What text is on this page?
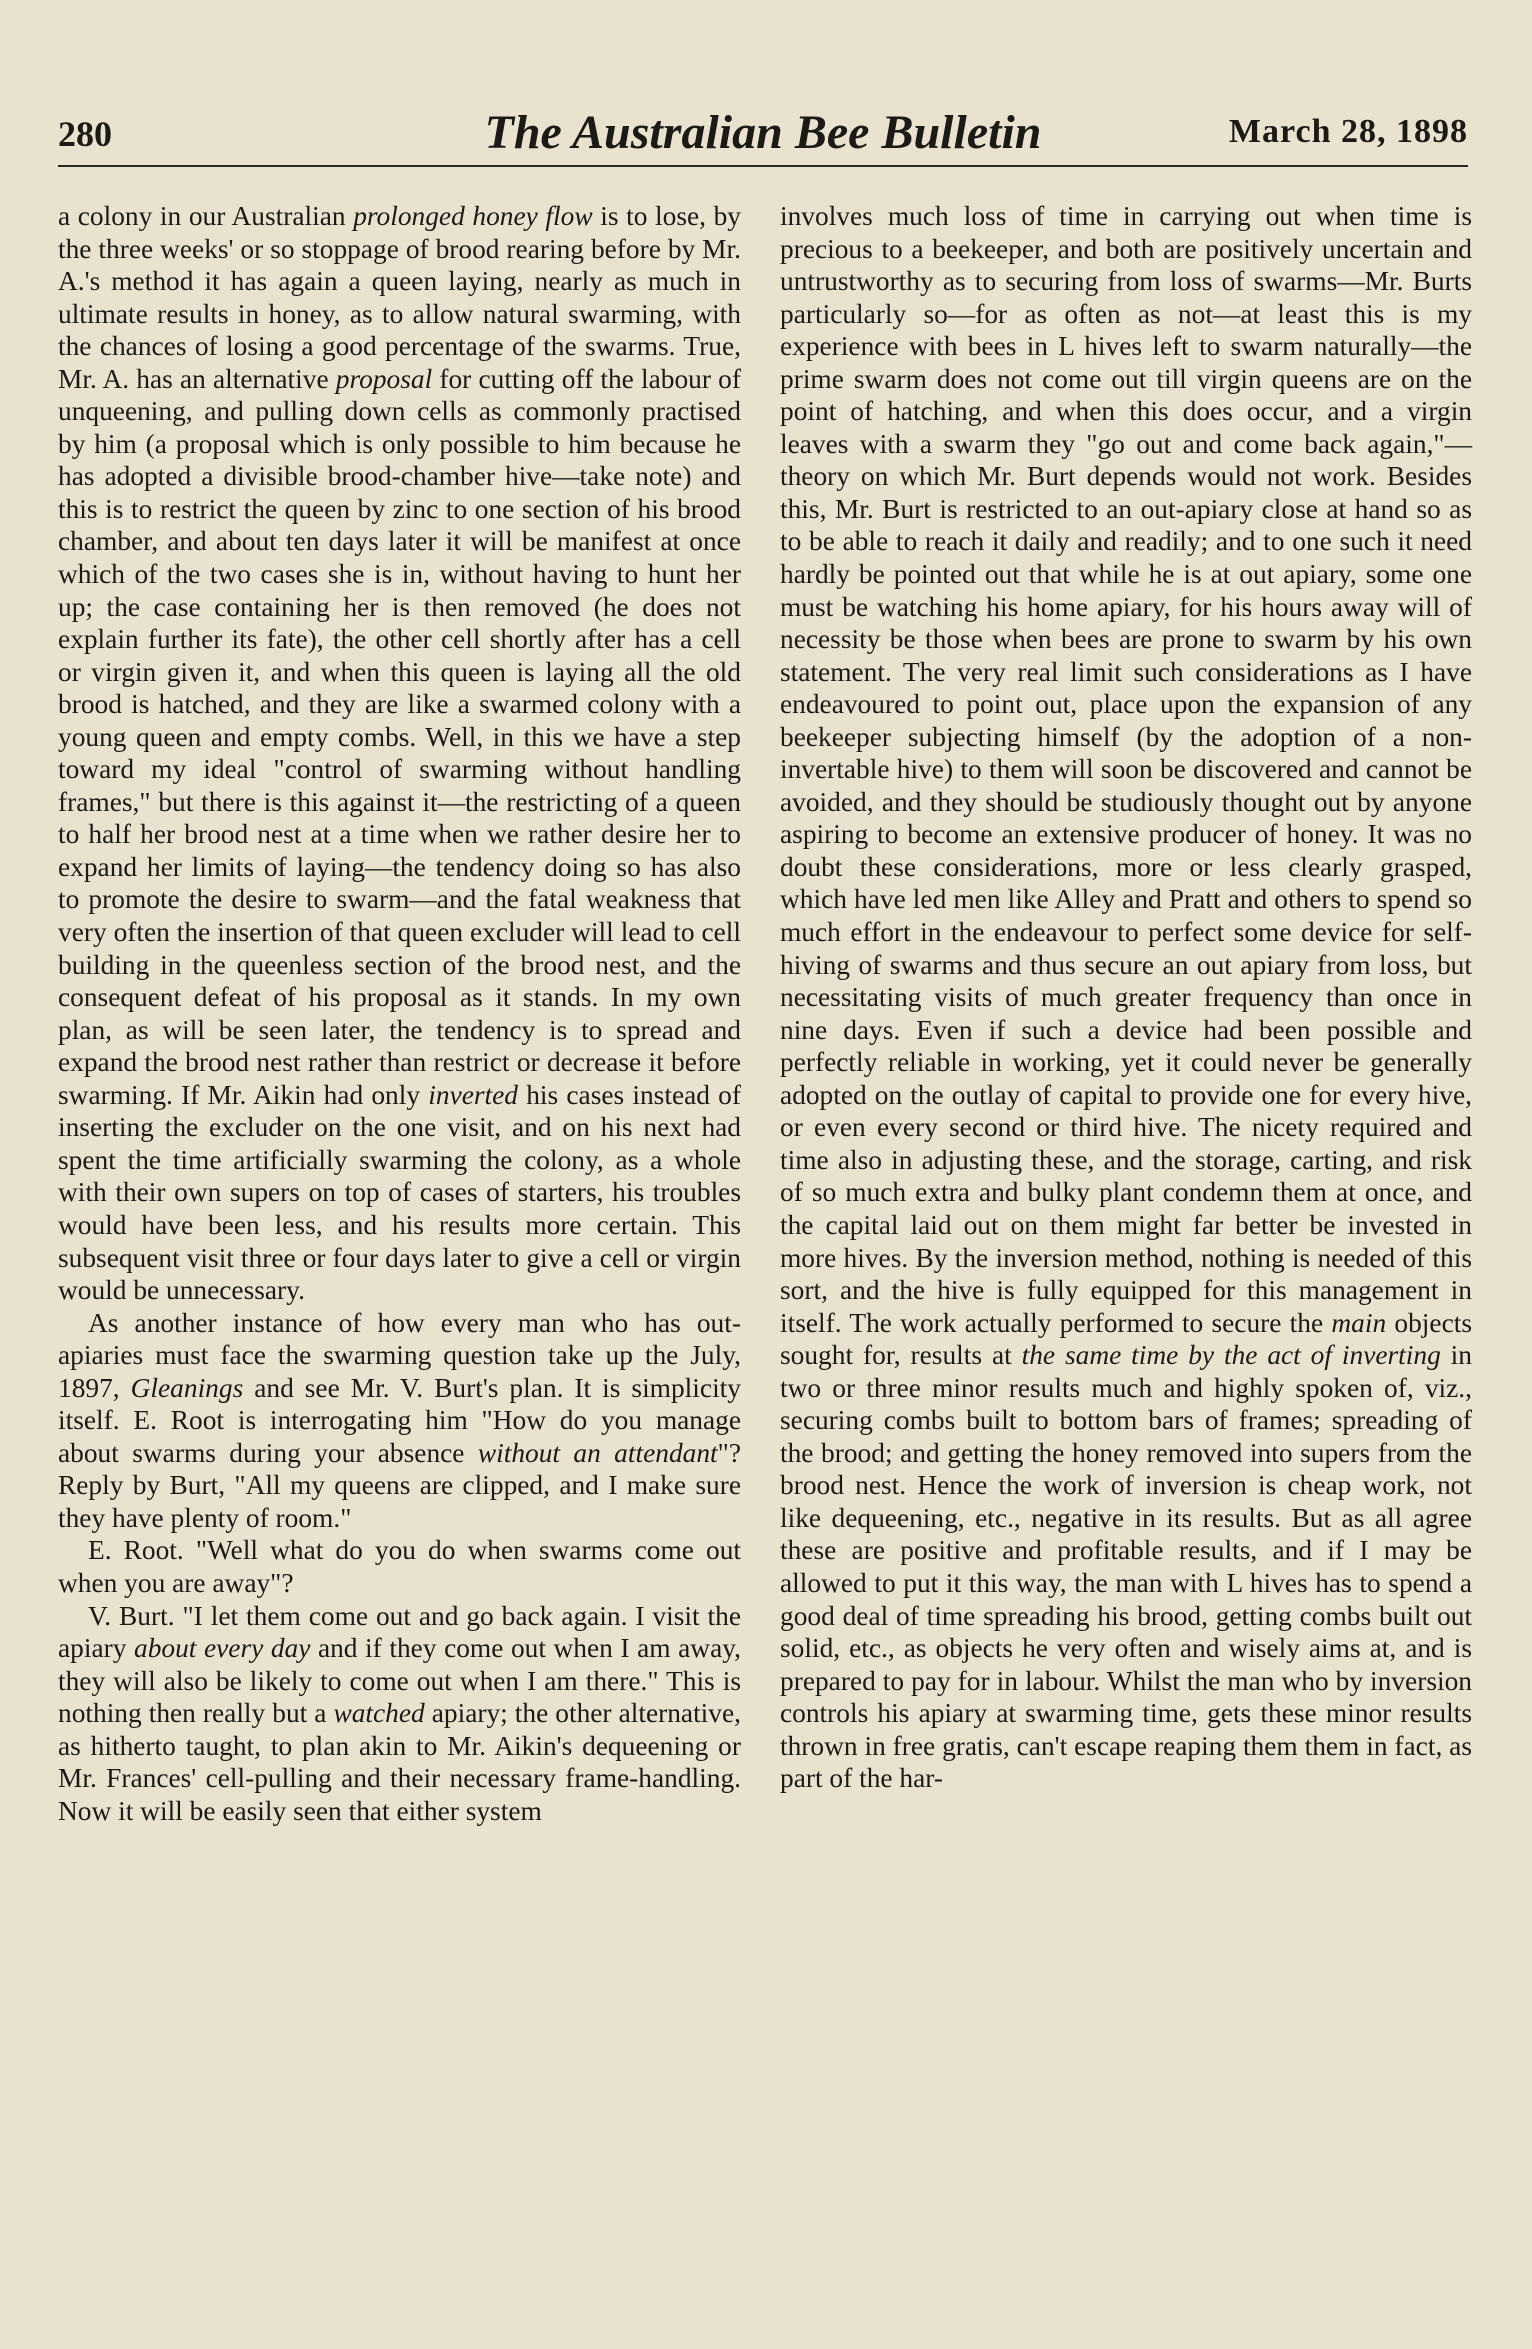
280	The Australian Bee Bulletin	March 28, 1898

a colony in our Australian prolonged honey flow is to lose, by the three weeks' or so stoppage of brood rearing before by Mr. A.'s method it has again a queen laying, nearly as much in ultimate results in honey, as to allow natural swarming, with the chances of losing a good percentage of the swarms. True, Mr. A. has an alternative proposal for cutting off the labour of unqueening, and pulling down cells as commonly practised by him (a proposal which is only possible to him because he has adopted a divisible brood-chamber hive—take note) and this is to restrict the queen by zinc to one section of his brood chamber, and about ten days later it will be manifest at once which of the two cases she is in, without having to hunt her up; the case containing her is then removed (he does not explain further its fate), the other cell shortly after has a cell or virgin given it, and when this queen is laying all the old brood is hatched, and they are like a swarmed colony with a young queen and empty combs. Well, in this we have a step toward my ideal "control of swarming without handling frames," but there is this against it—the restricting of a queen to half her brood nest at a time when we rather desire her to expand her limits of laying—the tendency doing so has also to promote the desire to swarm—and the fatal weakness that very often the insertion of that queen excluder will lead to cell building in the queenless section of the brood nest, and the consequent defeat of his proposal as it stands. In my own plan, as will be seen later, the tendency is to spread and expand the brood nest rather than restrict or decrease it before swarming. If Mr. Aikin had only inverted his cases instead of inserting the excluder on the one visit, and on his next had spent the time artificially swarming the colony, as a whole with their own supers on top of cases of starters, his troubles would have been less, and his results more certain. This subsequent visit three or four days later to give a cell or virgin would be unnecessary.

As another instance of how every man who has out-apiaries must face the swarming question take up the July, 1897, Gleanings and see Mr. V. Burt's plan. It is simplicity itself. E. Root is interrogating him "How do you manage about swarms during your absence without an attendant"? Reply by Burt, "All my queens are clipped, and I make sure they have plenty of room."

E. Root. "Well what do you do when swarms come out when you are away"?

V. Burt. "I let them come out and go back again. I visit the apiary about every day and if they come out when I am away, they will also be likely to come out when I am there." This is nothing then really but a watched apiary; the other alternative, as hitherto taught, to plan akin to Mr. Aikin's dequeening or Mr. Frances' cell-pulling and their necessary frame-handling. Now it will be easily seen that either system

involves much loss of time in carrying out when time is precious to a beekeeper, and both are positively uncertain and untrustworthy as to securing from loss of swarms—Mr. Burts particularly so—for as often as not—at least this is my experience with bees in L hives left to swarm naturally—the prime swarm does not come out till virgin queens are on the point of hatching, and when this does occur, and a virgin leaves with a swarm they "go out and come back again,"—theory on which Mr. Burt depends would not work. Besides this, Mr. Burt is restricted to an out-apiary close at hand so as to be able to reach it daily and readily; and to one such it need hardly be pointed out that while he is at out apiary, some one must be watching his home apiary, for his hours away will of necessity be those when bees are prone to swarm by his own statement. The very real limit such considerations as I have endeavoured to point out, place upon the expansion of any beekeeper subjecting himself (by the adoption of a non-invertable hive) to them will soon be discovered and cannot be avoided, and they should be studiously thought out by anyone aspiring to become an extensive producer of honey. It was no doubt these considerations, more or less clearly grasped, which have led men like Alley and Pratt and others to spend so much effort in the endeavour to perfect some device for self-hiving of swarms and thus secure an out apiary from loss, but necessitating visits of much greater frequency than once in nine days. Even if such a device had been possible and perfectly reliable in working, yet it could never be generally adopted on the outlay of capital to provide one for every hive, or even every second or third hive. The nicety required and time also in adjusting these, and the storage, carting, and risk of so much extra and bulky plant condemn them at once, and the capital laid out on them might far better be invested in more hives. By the inversion method, nothing is needed of this sort, and the hive is fully equipped for this management in itself. The work actually performed to secure the main objects sought for, results at the same time by the act of inverting in two or three minor results much and highly spoken of, viz., securing combs built to bottom bars of frames; spreading of the brood; and getting the honey removed into supers from the brood nest. Hence the work of inversion is cheap work, not like dequeening, etc., negative in its results. But as all agree these are positive and profitable results, and if I may be allowed to put it this way, the man with L hives has to spend a good deal of time spreading his brood, getting combs built out solid, etc., as objects he very often and wisely aims at, and is prepared to pay for in labour. Whilst the man who by inversion controls his apiary at swarming time, gets these minor results thrown in free gratis, can't escape reaping them them in fact, as part of the har-
